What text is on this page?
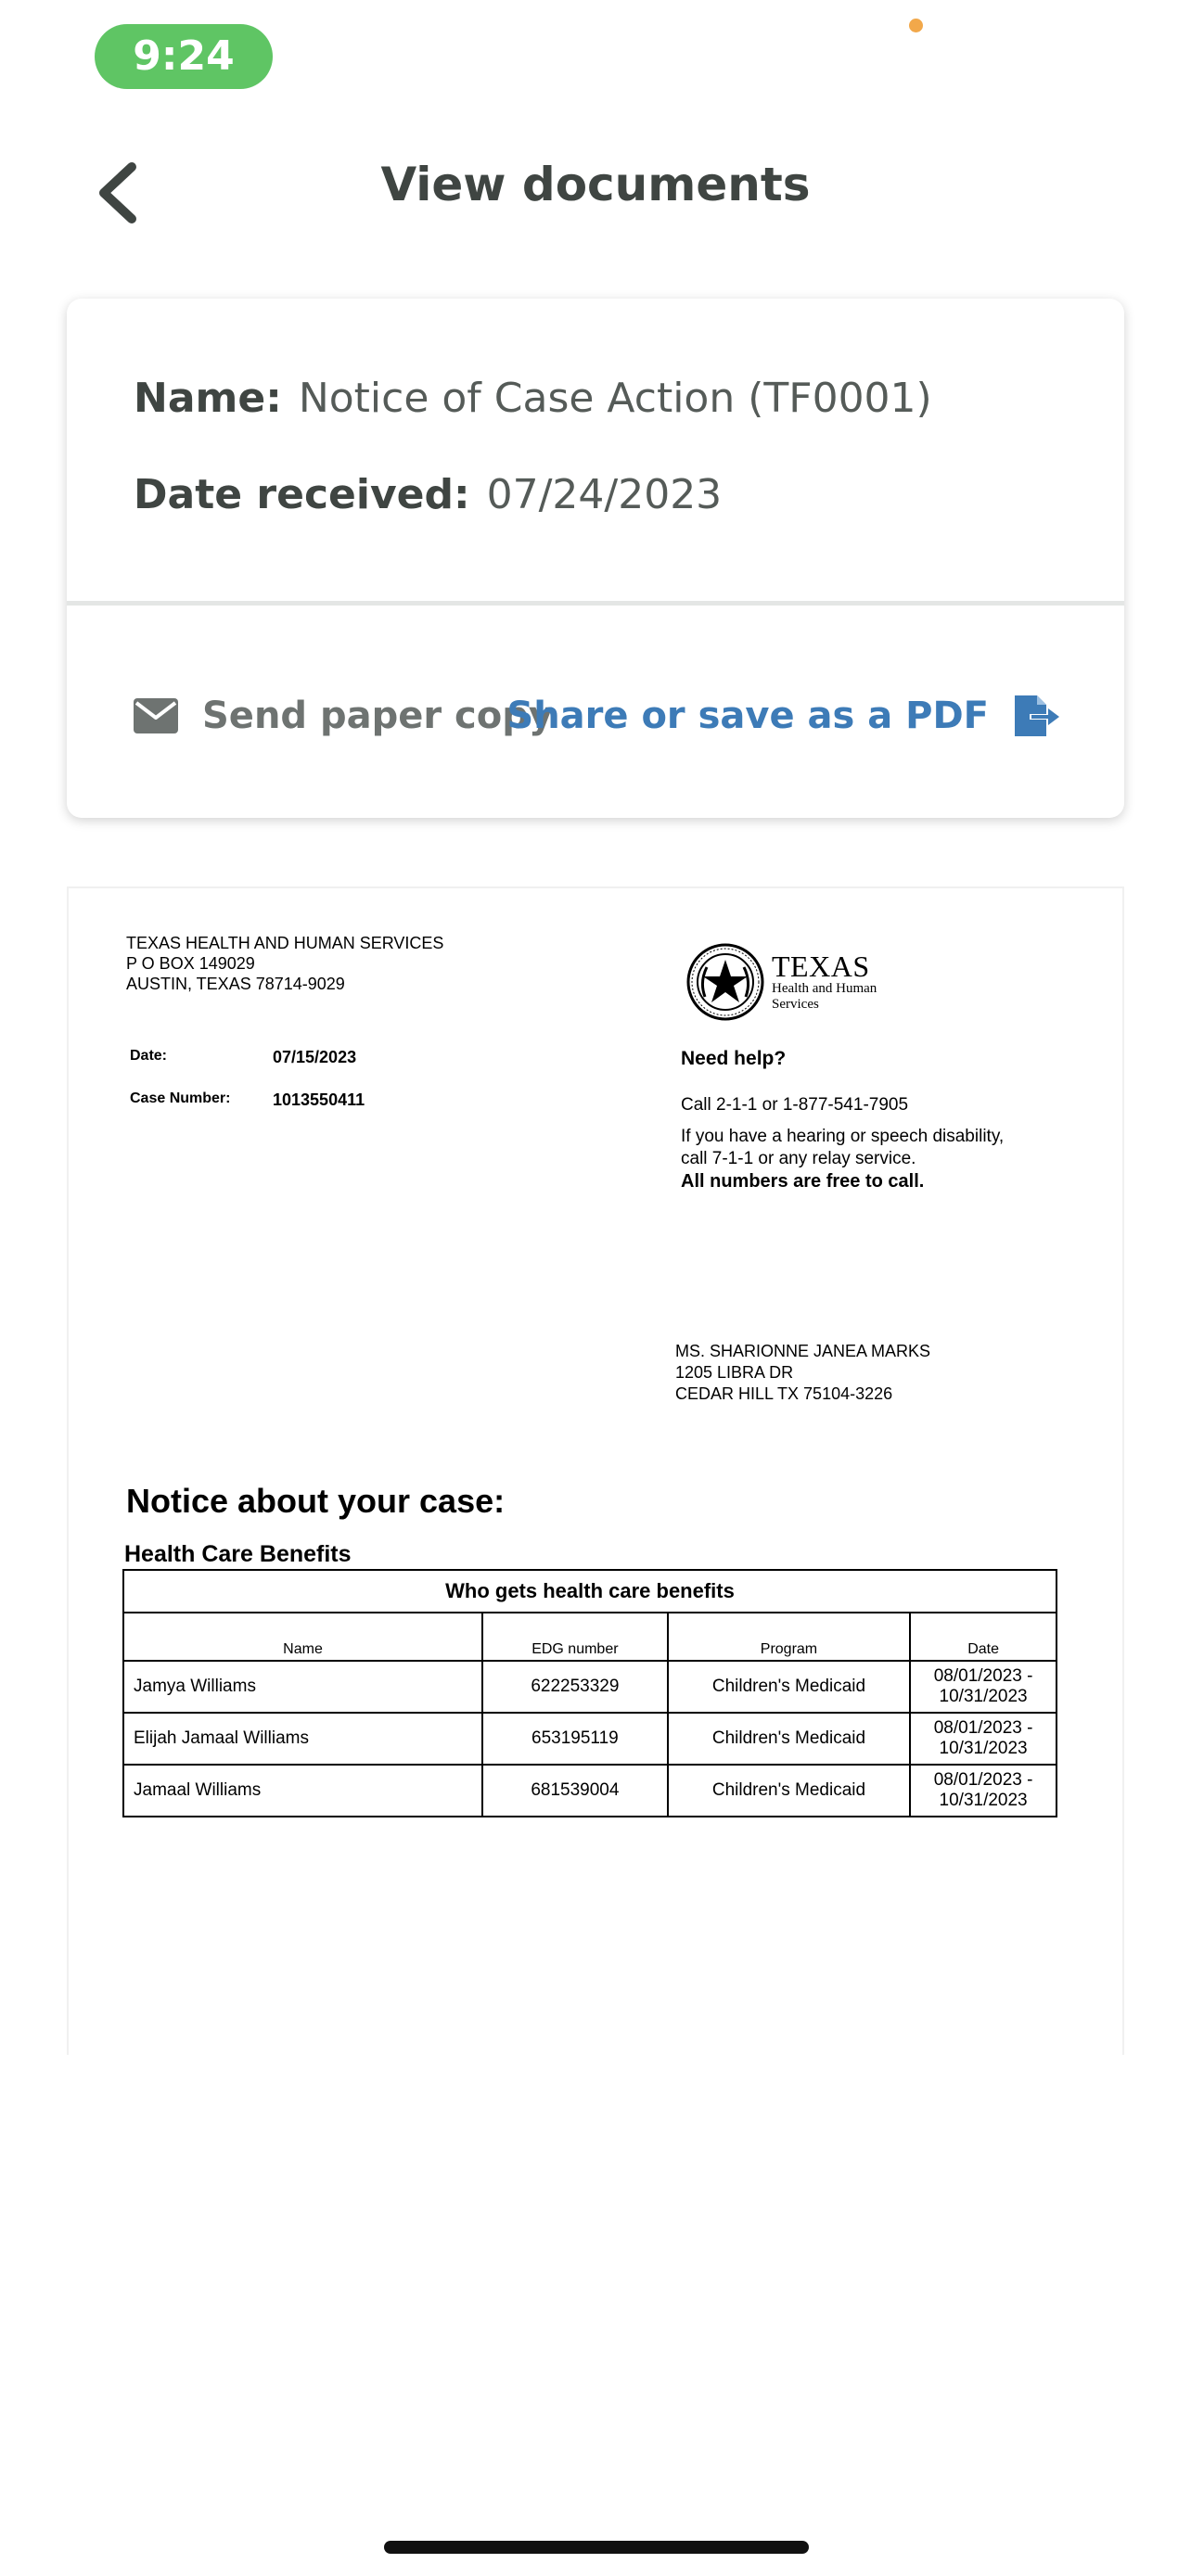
9:24
View documents
Name: Notice of Case Action (TF0001)
Date received: 07/24/2023
Send paper copy
Share or save as a PDF
TEXAS HEALTH AND HUMAN SERVICES
P O BOX 149029
AUSTIN, TEXAS 78714-9029
TEXAS
Health and Human
Services
Date:	07/15/2023
Case Number:	1013550411
Need help?
Call 2-1-1 or 1-877-541-7905
If you have a hearing or speech disability,
call 7-1-1 or any relay service.
All numbers are free to call.
MS. SHARIONNE JANEA MARKS
1205 LIBRA DR
CEDAR HILL TX 75104-3226
Notice about your case:
Health Care Benefits
Who gets health care benefits			
Name	EDG number	Program	Date
Jamya Williams	622253329	Children's Medicaid	08/01/2023 -
10/31/2023

Elijah Jamaal Williams	653195119	Children's Medicaid	08/01/2023 -
10/31/2023

Jamaal Williams	681539004	Children's Medicaid	08/01/2023 -
10/31/2023
